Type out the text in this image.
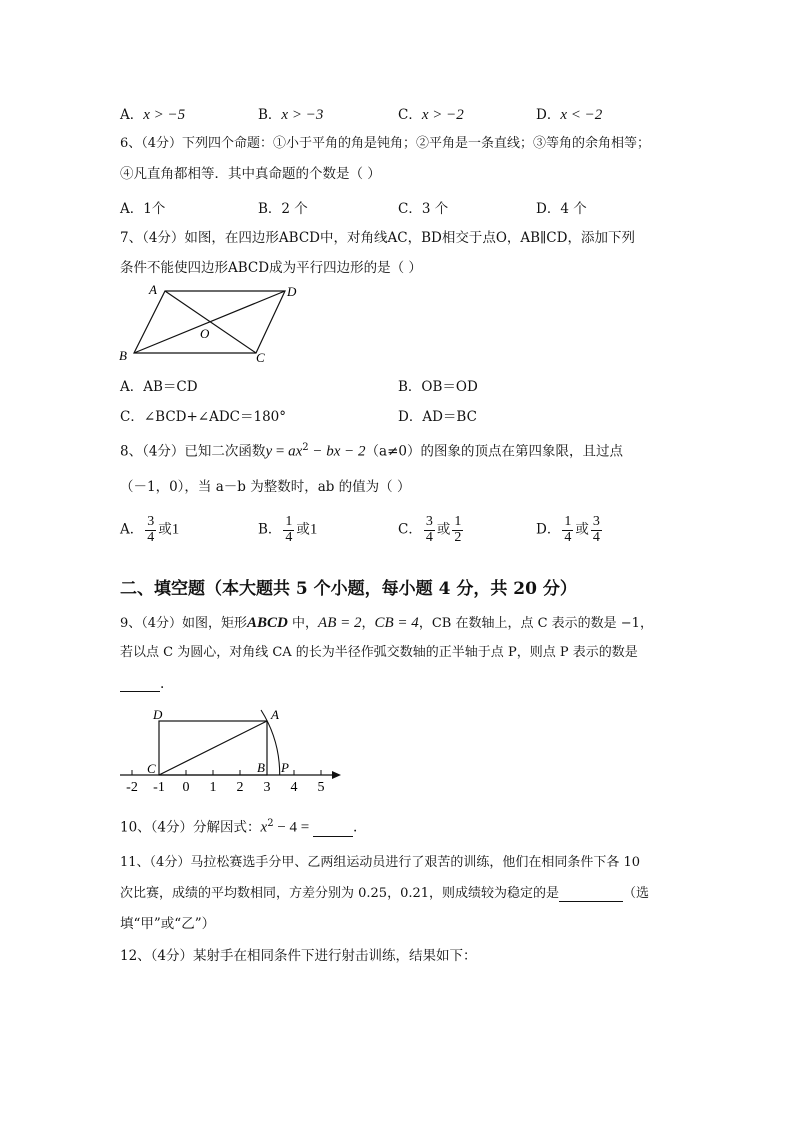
A．x > −5	B．x > −3	C．x > −2	D．x < −2
6、（4分）下列四个命题：①小于平角的角是钝角；②平角是一条直线；③等角的余角相等；
④凡直角都相等．其中真命题的个数是（ ）
A．1个	B．2 个	C．3 个	D．4 个
7、（4分）如图，在四边形ABCD中，对角线AC，BD相交于点O，AB∥CD，添加下列
条件不能使四边形ABCD成为平行四边形的是（ ）
A	D
B	C
O
A．AB＝CD	B．OB＝OD
C．∠BCD+∠ADC＝180°	D．AD＝BC
8、（4分）已知二次函数$y = ax^2$ − bx − 2（a≠0）的图象的顶点在第四象限，且过点
（－1，0），当 a－b 为整数时，ab 的值为（ ）
A． $\frac{3}{4}$ 或1	B． $\frac{1}{4}$ 或1	C． $\frac{3}{4}$ 或 $\frac{1}{2}$	D． $\frac{1}{4}$ 或 $\frac{3}{4}$
二、填空题（本大题共 5 个小题，每小题 4 分，共 20 分）
9、（4分）如图，矩形ABCD 中，AB = 2，CB = 4，CB 在数轴上，点 C 表示的数是 −1，
若以点 C 为圆心，对角线 CA 的长为半径作弧交数轴的正半轴于点 P，则点 P 表示的数是
.
-2 -1 0 1 2 3 4 5
D	A
C	B P
10、（4分）分解因式：$x^2 - 4$ =	.
11、（4分）马拉松赛选手分甲、乙两组运动员进行了艰苦的训练，他们在相同条件下各 10
次比赛，成绩的平均数相同，方差分别为 0.25，0.21，则成绩较为稳定的是	（选
填“甲”或“乙”）
12、（4分）某射手在相同条件下进行射击训练，结果如下：
